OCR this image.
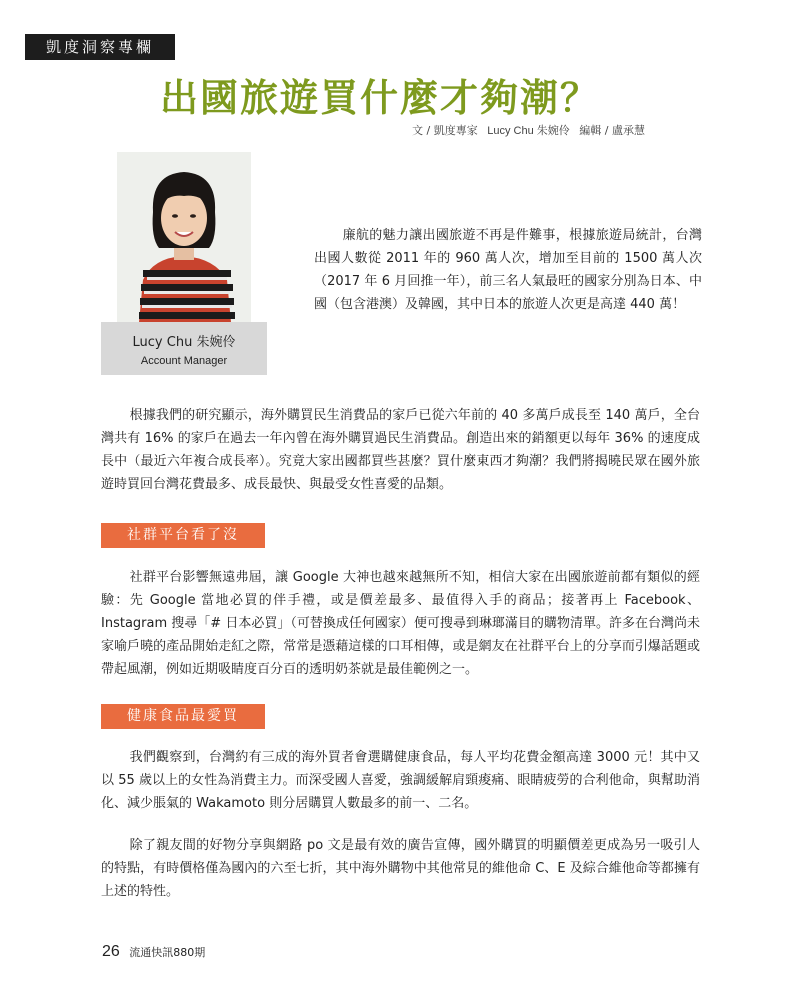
凱度洞察專欄
出國旅遊買什麼才夠潮？
文 / 凱度專家 Lucy Chu 朱婉伶 編輯 / 盧承慧
Lucy Chu 朱婉伶
Account Manager

廉航的魅力讓出國旅遊不再是件難事，根據旅遊局統計，台灣出國人數從 2011 年的 960 萬人次，增加至目前的 1500 萬人次（2017 年 6 月回推一年），前三名人氣最旺的國家分別為日本、中國（包含港澳）及韓國，其中日本的旅遊人次更是高達 440 萬！

根據我們的研究顯示，海外購買民生消費品的家戶已從六年前的 40 多萬戶成長至 140 萬戶，全台灣共有 16% 的家戶在過去一年內曾在海外購買過民生消費品。創造出來的銷額更以每年 36% 的速度成長中（最近六年複合成長率）。究竟大家出國都買些甚麼？買什麼東西才夠潮？我們將揭曉民眾在國外旅遊時買回台灣花費最多、成長最快、與最受女性喜愛的品類。

社群平台看了沒

社群平台影響無遠弗屆，讓 Google 大神也越來越無所不知，相信大家在出國旅遊前都有類似的經驗：先 Google 當地必買的伴手禮，或是價差最多、最值得入手的商品；接著再上 Facebook、Instagram 搜尋「# 日本必買」（可替換成任何國家）便可搜尋到琳瑯滿目的購物清單。許多在台灣尚未家喻戶曉的產品開始走紅之際，常常是憑藉這樣的口耳相傳，或是網友在社群平台上的分享而引爆話題或帶起風潮，例如近期吸睛度百分百的透明奶茶就是最佳範例之一。

健康食品最愛買

我們觀察到，台灣約有三成的海外買者會選購健康食品，每人平均花費金額高達 3000 元！其中又以 55 歲以上的女性為消費主力。而深受國人喜愛，強調緩解肩頸痠痛、眼睛疲勞的合利他命，與幫助消化、減少脹氣的 Wakamoto 則分居購買人數最多的前一、二名。

除了親友間的好物分享與網路 po 文是最有效的廣告宣傳，國外購買的明顯價差更成為另一吸引人的特點，有時價格僅為國內的六至七折，其中海外購物中其他常見的維他命 C、E 及綜合維他命等都擁有上述的特性。

26 流通快訊880期
